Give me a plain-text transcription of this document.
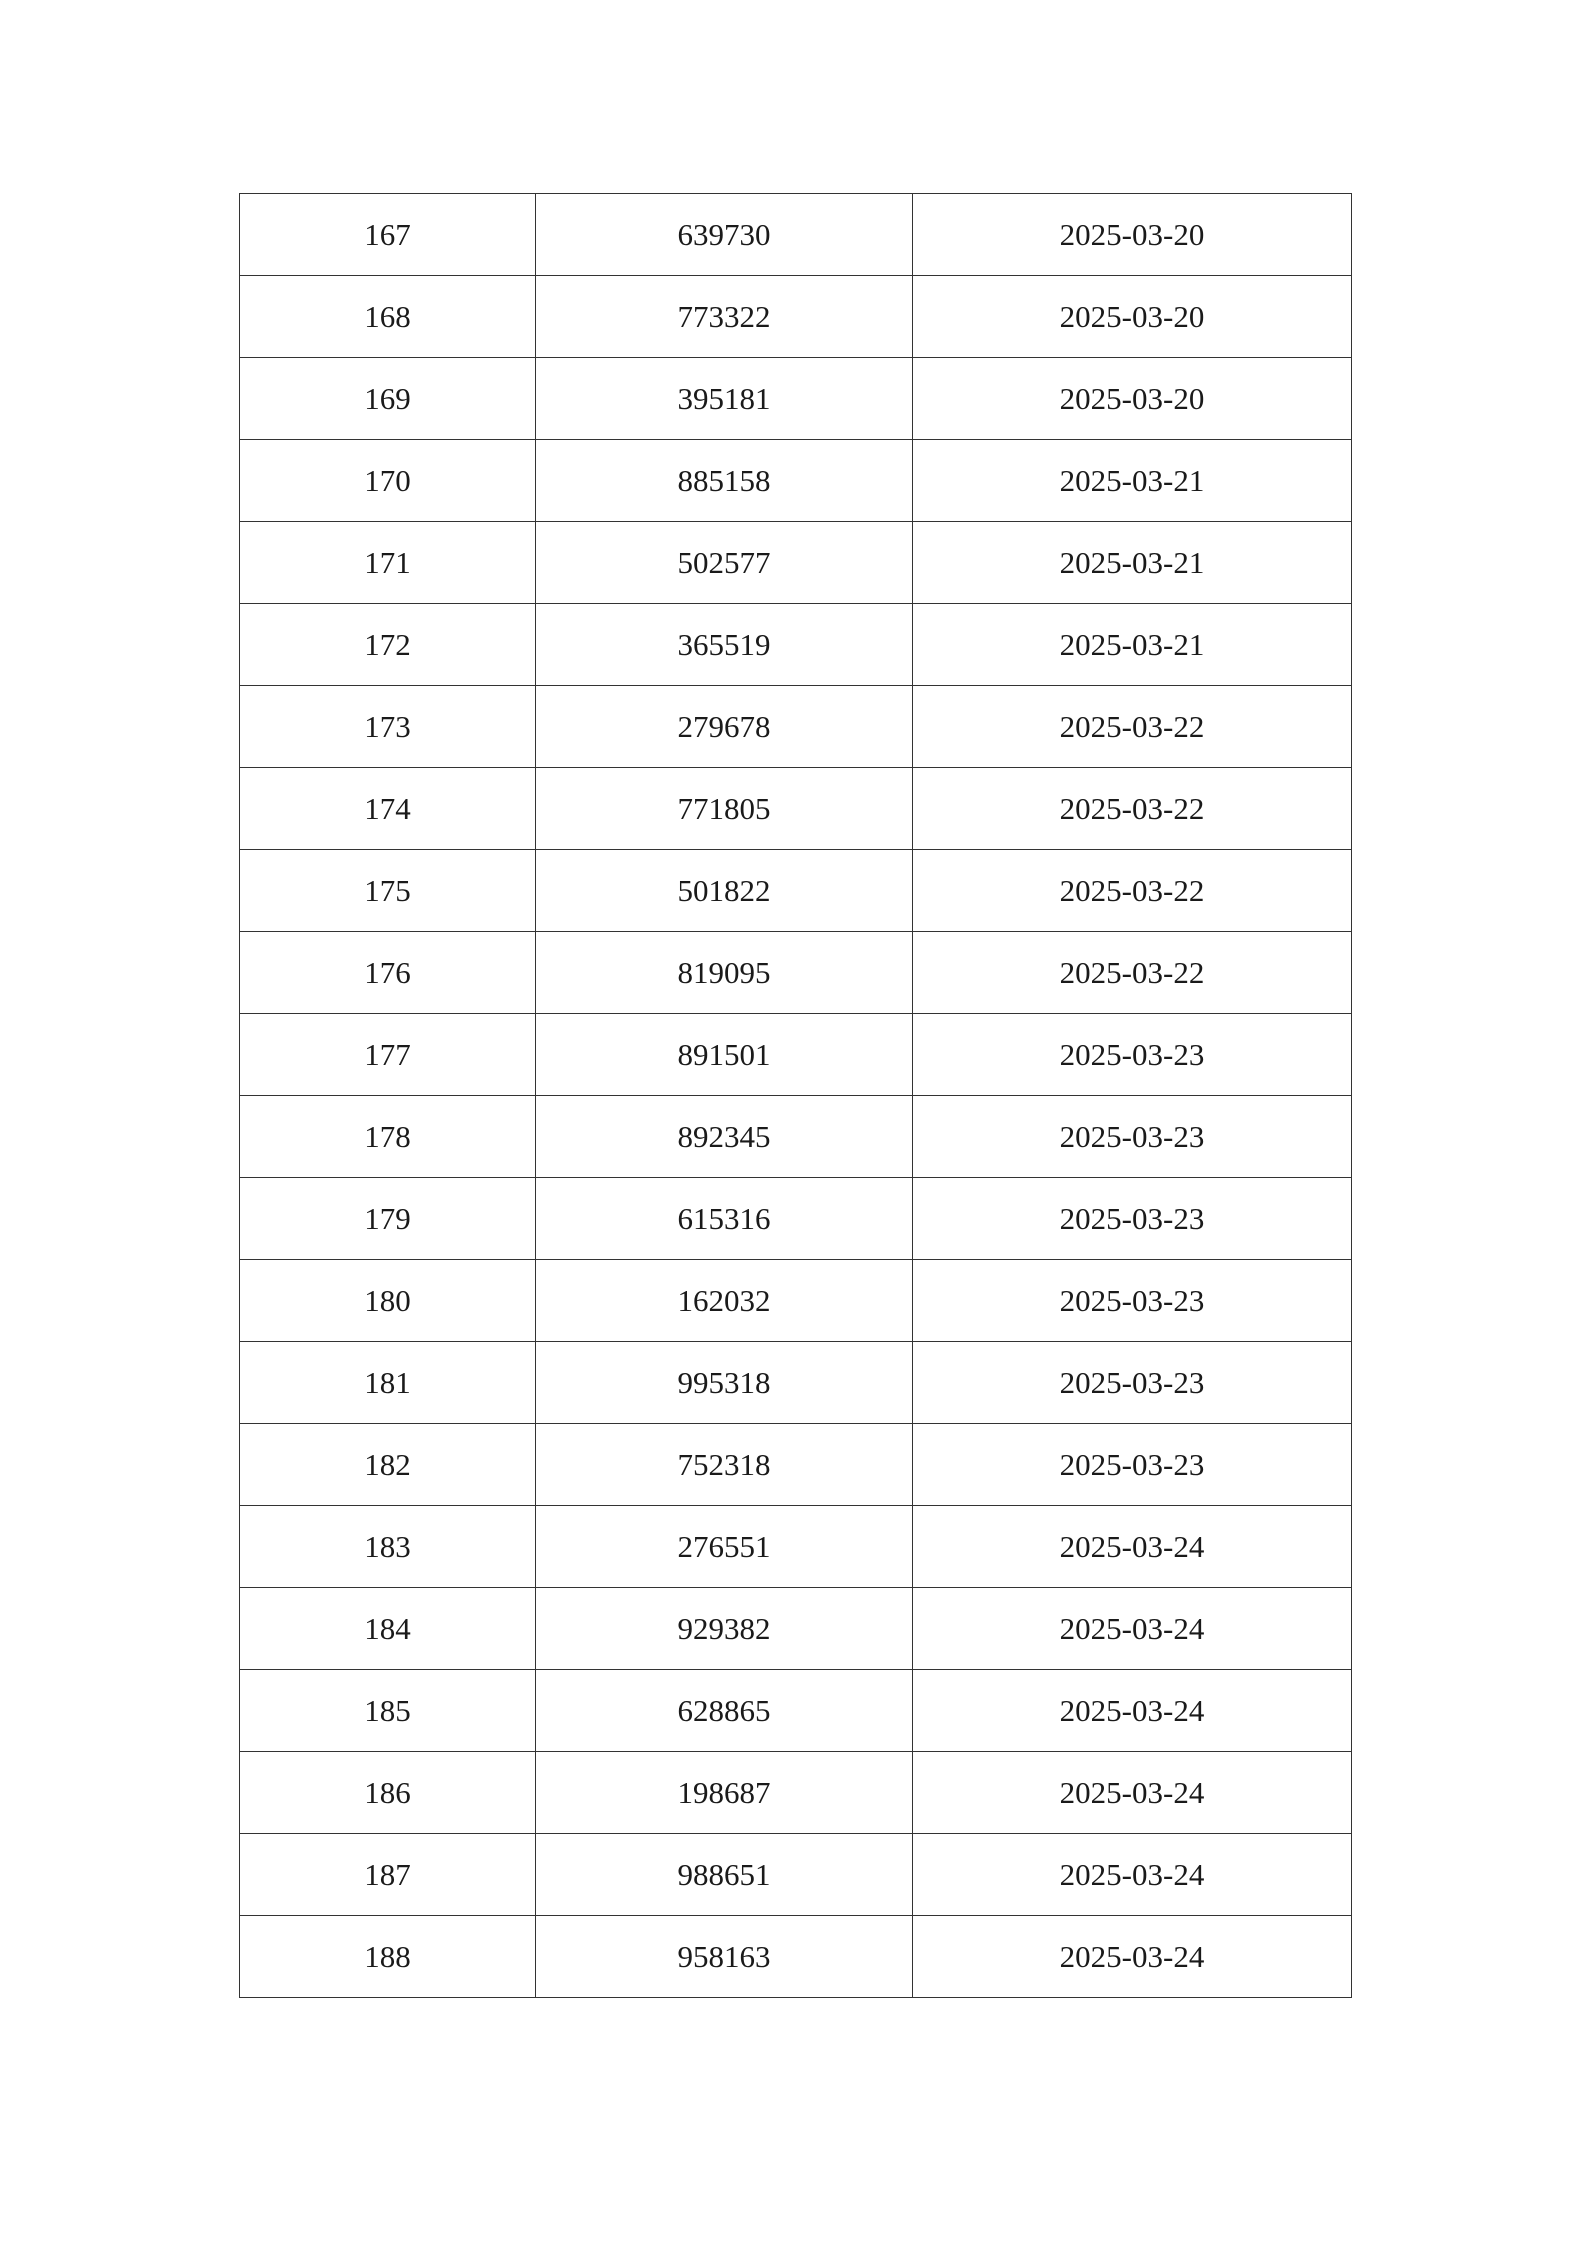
167	639730	2025-03-20
168	773322	2025-03-20
169	395181	2025-03-20
170	885158	2025-03-21
171	502577	2025-03-21
172	365519	2025-03-21
173	279678	2025-03-22
174	771805	2025-03-22
175	501822	2025-03-22
176	819095	2025-03-22
177	891501	2025-03-23
178	892345	2025-03-23
179	615316	2025-03-23
180	162032	2025-03-23
181	995318	2025-03-23
182	752318	2025-03-23
183	276551	2025-03-24
184	929382	2025-03-24
185	628865	2025-03-24
186	198687	2025-03-24
187	988651	2025-03-24
188	958163	2025-03-24
